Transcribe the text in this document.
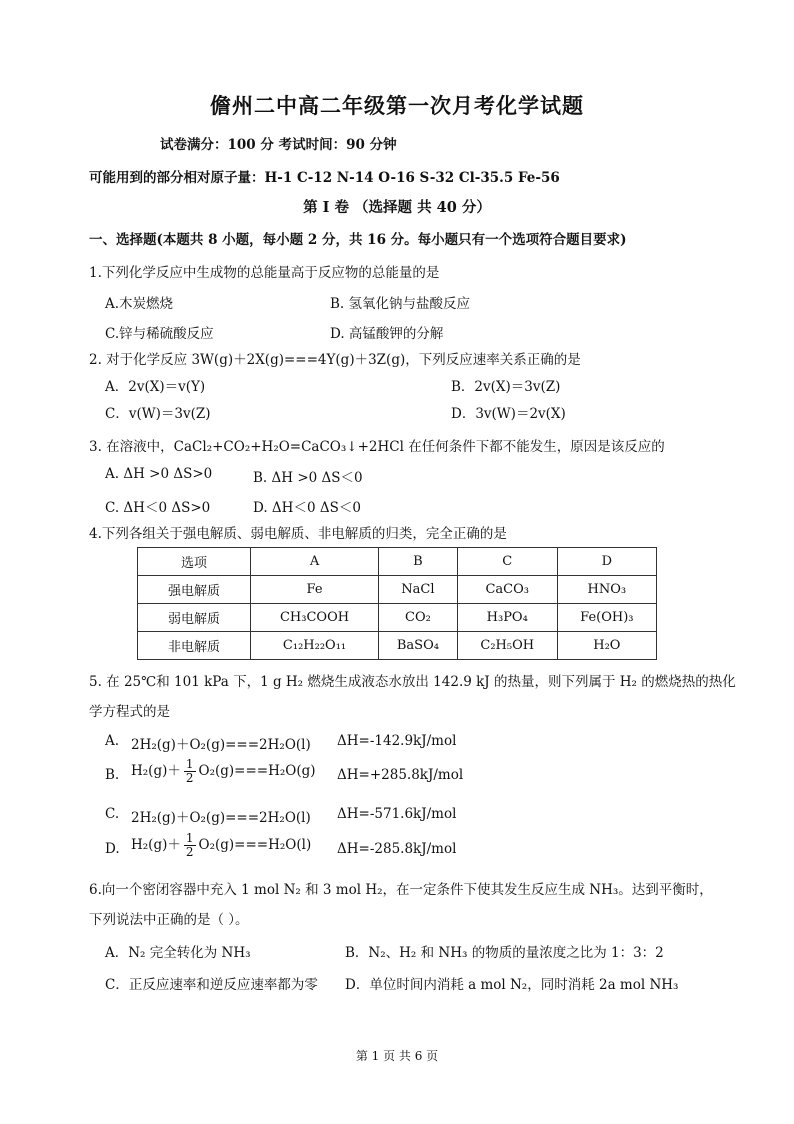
儋州二中高二年级第一次月考化学试题
试卷满分：100 分 考试时间：90 分钟
可能用到的部分相对原子量：H-1 C-12 N-14 O-16 S-32 Cl-35.5 Fe-56
第 I 卷 （选择题 共 40 分）
一、选择题(本题共 8 小题，每小题 2 分，共 16 分。每小题只有一个选项符合题目要求)
1.下列化学反应中生成物的总能量高于反应物的总能量的是
A.木炭燃烧	B. 氢氧化钠与盐酸反应
C.锌与稀硫酸反应	D. 高锰酸钾的分解
2. 对于化学反应 3W(g)＋2X(g)===4Y(g)＋3Z(g)，下列反应速率关系正确的是
A．2v(X)＝v(Y)	B．2v(X)＝3v(Z)
C．v(W)＝3v(Z)	D．3v(W)＝2v(X)
3. 在溶液中，CaCl₂+CO₂+H₂O=CaCO₃↓+2HCl 在任何条件下都不能发生，原因是该反应的
A. ΔH >0 ΔS>0	B. ΔH >0 ΔS＜0
C. ΔH＜0 ΔS>0	D. ΔH＜0 ΔS＜0
4.下列各组关于强电解质、弱电解质、非电解质的归类，完全正确的是
选项	A	B	C	D
强电解质	Fe	NaCl	CaCO₃	HNO₃
弱电解质	CH₃COOH	CO₂	H₃PO₄	Fe(OH)₃
非电解质	C₁₂H₂₂O₁₁	BaSO₄	C₂H₅OH	H₂O
5. 在 25℃和 101 kPa 下，1 g H₂ 燃烧生成液态水放出 142.9 kJ 的热量，则下列属于 H₂ 的燃烧热的热化
学方程式的是
A. 2H₂(g)＋O₂(g)===2H₂O(l) ΔH=-142.9kJ/mol
B. $H_2(g)+ \frac{1}{2} O_2(g)===H_2O(g)$ ΔH=+285.8kJ/mol
C. 2H₂(g)＋O₂(g)===2H₂O(l) ΔH=-571.6kJ/mol
D. $H_2(g)+ \frac{1}{2} O_2(g)===H_2O(l)$ ΔH=-285.8kJ/mol
6.向一个密闭容器中充入 1 mol N₂ 和 3 mol H₂，在一定条件下使其发生反应生成 NH₃。达到平衡时，
下列说法中正确的是（ ）。
A．N₂ 完全转化为 NH₃	B．N₂、H₂ 和 NH₃ 的物质的量浓度之比为 1：3：2
C．正反应速率和逆反应速率都为零 D．单位时间内消耗 a mol N₂，同时消耗 2a mol NH₃
第 1 页 共 6 页
